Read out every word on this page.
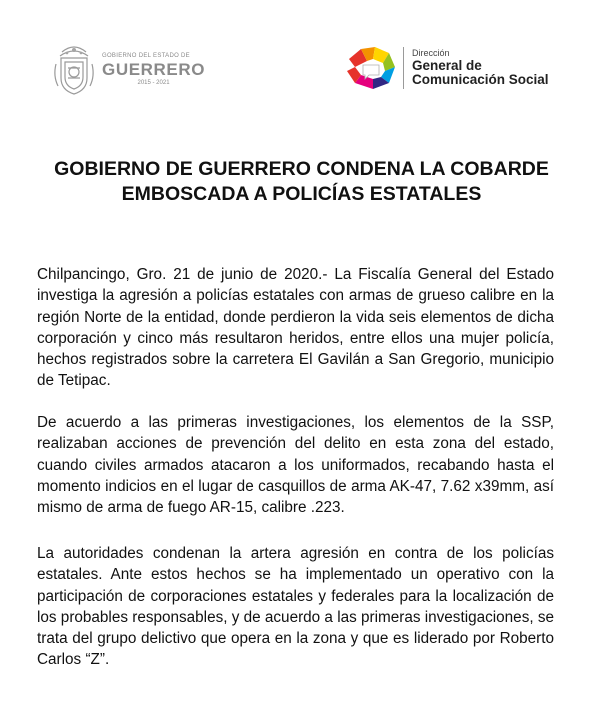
GOBIERNO DEL ESTADO DE
GUERRERO
2015 - 2021
Dirección
General de
Comunicación Social
GOBIERNO DE GUERRERO CONDENA LA COBARDE
EMBOSCADA A POLICÍAS ESTATALES

Chilpancingo, Gro. 21 de junio de 2020.- La Fiscalía General del Estado investiga la agresión a policías estatales con armas de grueso calibre en la región Norte de la entidad, donde perdieron la vida seis elementos de dicha corporación y cinco más resultaron heridos, entre ellos una mujer policía, hechos registrados sobre la carretera El Gavilán a San Gregorio, municipio de Tetipac.

De acuerdo a las primeras investigaciones, los elementos de la SSP, realizaban acciones de prevención del delito en esta zona del estado, cuando civiles armados atacaron a los uniformados, recabando hasta el momento indicios en el lugar de casquillos de arma AK-47, 7.62 x39mm, así mismo de arma de fuego AR-15, calibre .223.

La autoridades condenan la artera agresión en contra de los policías estatales. Ante estos hechos se ha implementado un operativo con la participación de corporaciones estatales y federales para la localización de los probables responsables, y de acuerdo a las primeras investigaciones, se trata del grupo delictivo que opera en la zona y que es liderado por Roberto Carlos “Z”.
